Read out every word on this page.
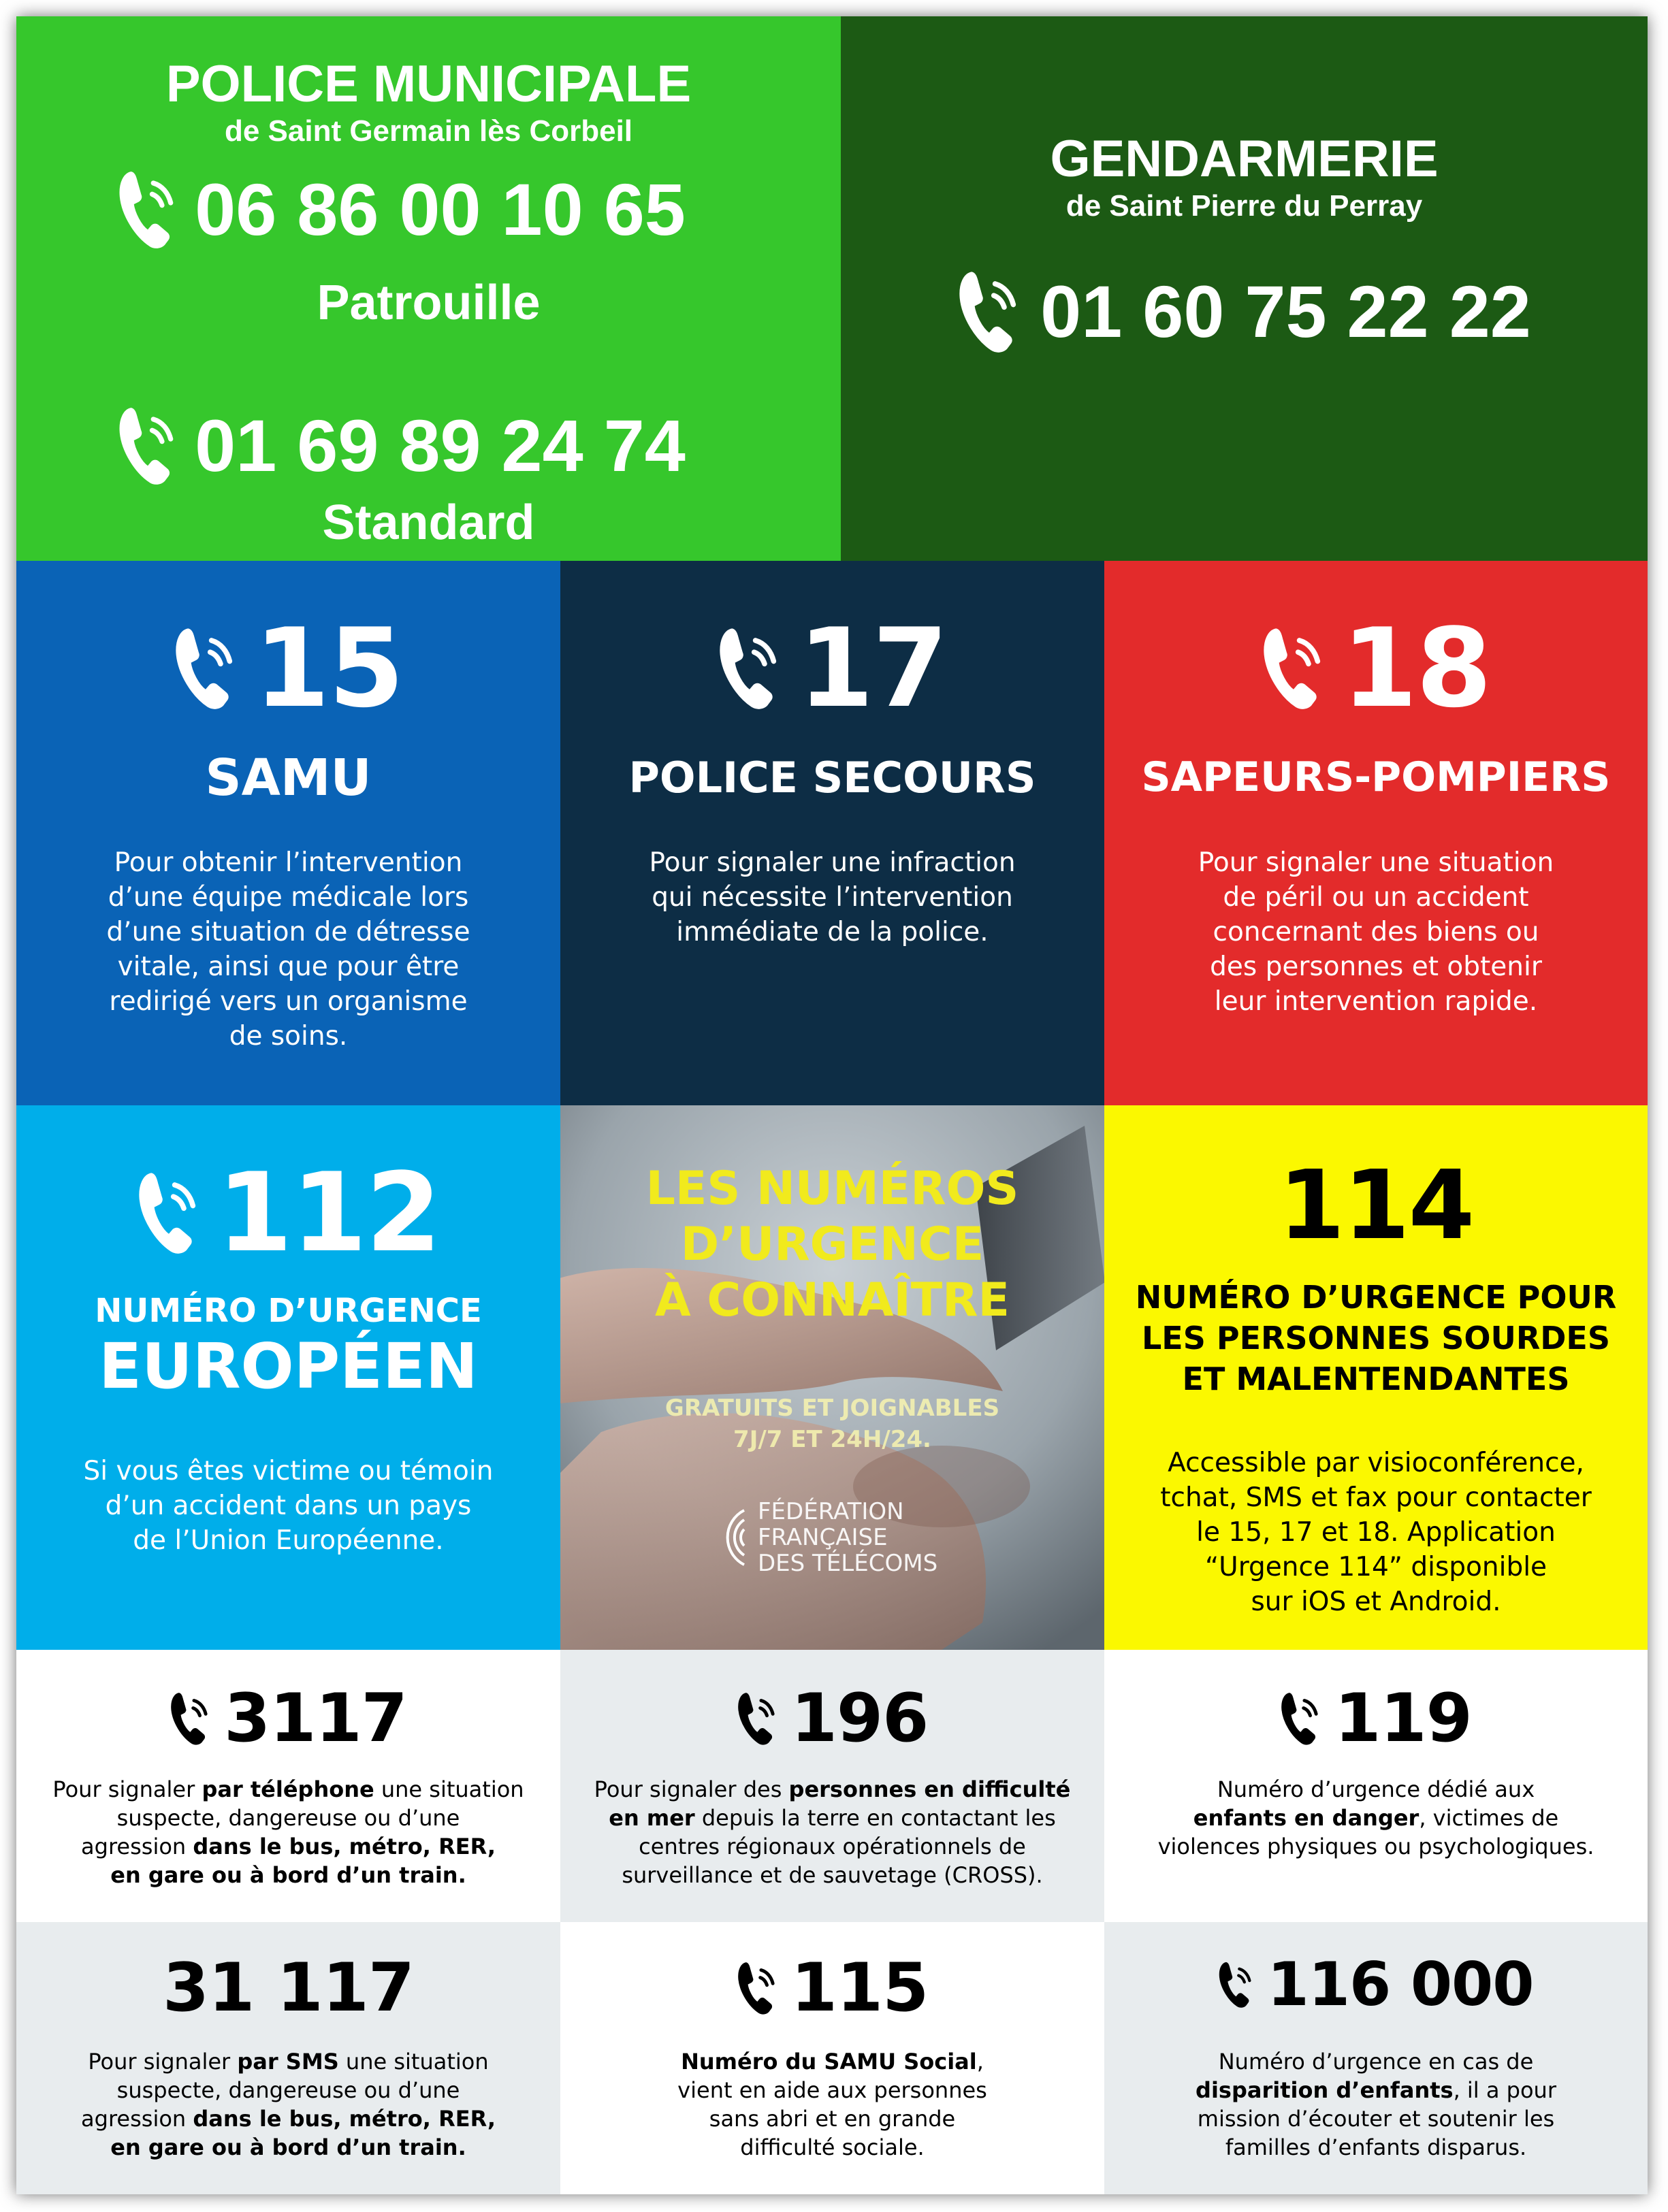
POLICE MUNICIPALE
de Saint Germain lès Corbeil
06 86 00 10 65
Patrouille
01 69 89 24 74
Standard
GENDARMERIE
de Saint Pierre du Perray
01 60 75 22 22
15
SAMU
Pour obtenir l’intervention
d’une équipe médicale lors
d’une situation de détresse
vitale, ainsi que pour être
redirigé vers un organisme
de soins.
17
POLICE SECOURS
Pour signaler une infraction
qui nécessite l’intervention
immédiate de la police.
18
SAPEURS-POMPIERS
Pour signaler une situation
de péril ou un accident
concernant des biens ou
des personnes et obtenir
leur intervention rapide.
112
NUMÉRO D’URGENCE
EUROPÉEN
Si vous êtes victime ou témoin
d’un accident dans un pays
de l’Union Européenne.
LES NUMÉROS
D’URGENCE
À CONNAÎTRE
GRATUITS ET JOIGNABLES
7J/7 ET 24H/24.
FÉDÉRATION
FRANÇAISE
DES TÉLÉCOMS
114
NUMÉRO D’URGENCE POUR
LES PERSONNES SOURDES
ET MALENTENDANTES
Accessible par visioconférence,
tchat, SMS et fax pour contacter
le 15, 17 et 18. Application
“Urgence 114” disponible
sur iOS et Android.
3117
Pour signaler par téléphone une situation
suspecte, dangereuse ou d’une
agression dans le bus, métro, RER,
en gare ou à bord d’un train.
196
Pour signaler des personnes en difficulté
en mer depuis la terre en contactant les
centres régionaux opérationnels de
surveillance et de sauvetage (CROSS).
119
Numéro d’urgence dédié aux
enfants en danger, victimes de
violences physiques ou psychologiques.
31 117
Pour signaler par SMS une situation
suspecte, dangereuse ou d’une
agression dans le bus, métro, RER,
en gare ou à bord d’un train.
115
Numéro du SAMU Social,
vient en aide aux personnes
sans abri et en grande
difficulté sociale.
116 000
Numéro d’urgence en cas de
disparition d’enfants, il a pour
mission d’écouter et soutenir les
familles d’enfants disparus.
